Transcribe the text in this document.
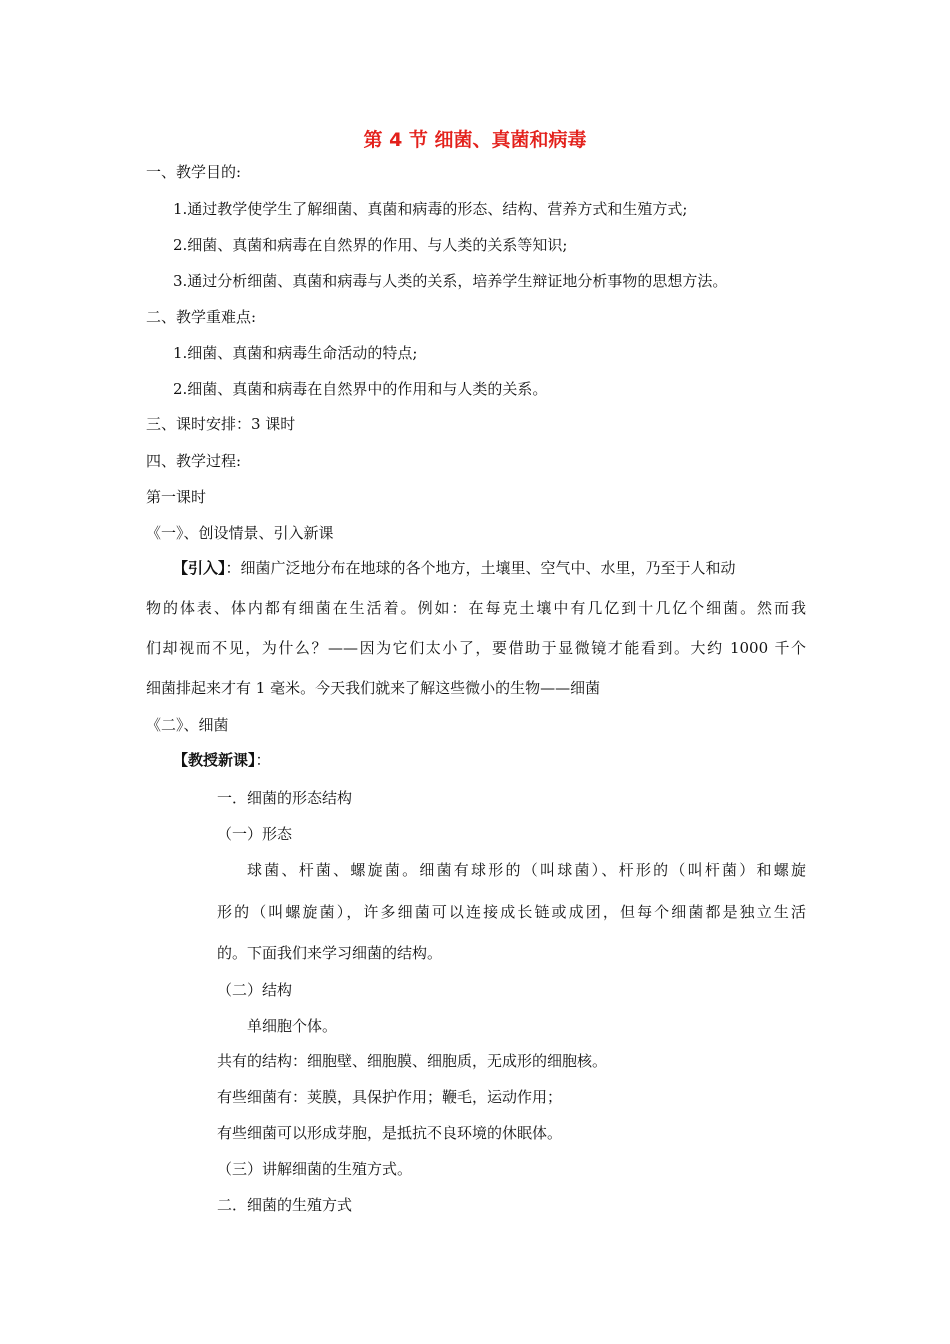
第 4 节 细菌、真菌和病毒
一、教学目的:
1.通过教学使学生了解细菌、真菌和病毒的形态、结构、营养方式和生殖方式;
2.细菌、真菌和病毒在自然界的作用、与人类的关系等知识;
3.通过分析细菌、真菌和病毒与人类的关系，培养学生辩证地分析事物的思想方法。
二、教学重难点:
1.细菌、真菌和病毒生命活动的特点;
2.细菌、真菌和病毒在自然界中的作用和与人类的关系。
三、课时安排：3 课时
四、教学过程:
第一课时
《一》、创设情景、引入新课
【引入】：细菌广泛地分布在地球的各个地方，土壤里、空气中、水里，乃至于人和动
物的体表、体内都有细菌在生活着。例如：在每克土壤中有几亿到十几亿个细菌。然而我
们却视而不见，为什么？——因为它们太小了，要借助于显微镜才能看到。大约 1000 千个
细菌排起来才有 1 毫米。今天我们就来了解这些微小的生物——细菌
《二》、细菌
【教授新课】：
一．细菌的形态结构
（一）形态
球菌、杆菌、螺旋菌。细菌有球形的（叫球菌）、杆形的（叫杆菌）和螺旋
形的（叫螺旋菌），许多细菌可以连接成长链或成团，但每个细菌都是独立生活
的。下面我们来学习细菌的结构。
（二）结构
单细胞个体。
共有的结构：细胞壁、细胞膜、细胞质，无成形的细胞核。
有些细菌有：荚膜，具保护作用；鞭毛，运动作用；
有些细菌可以形成芽胞，是抵抗不良环境的休眠体。
（三）讲解细菌的生殖方式。
二．细菌的生殖方式
